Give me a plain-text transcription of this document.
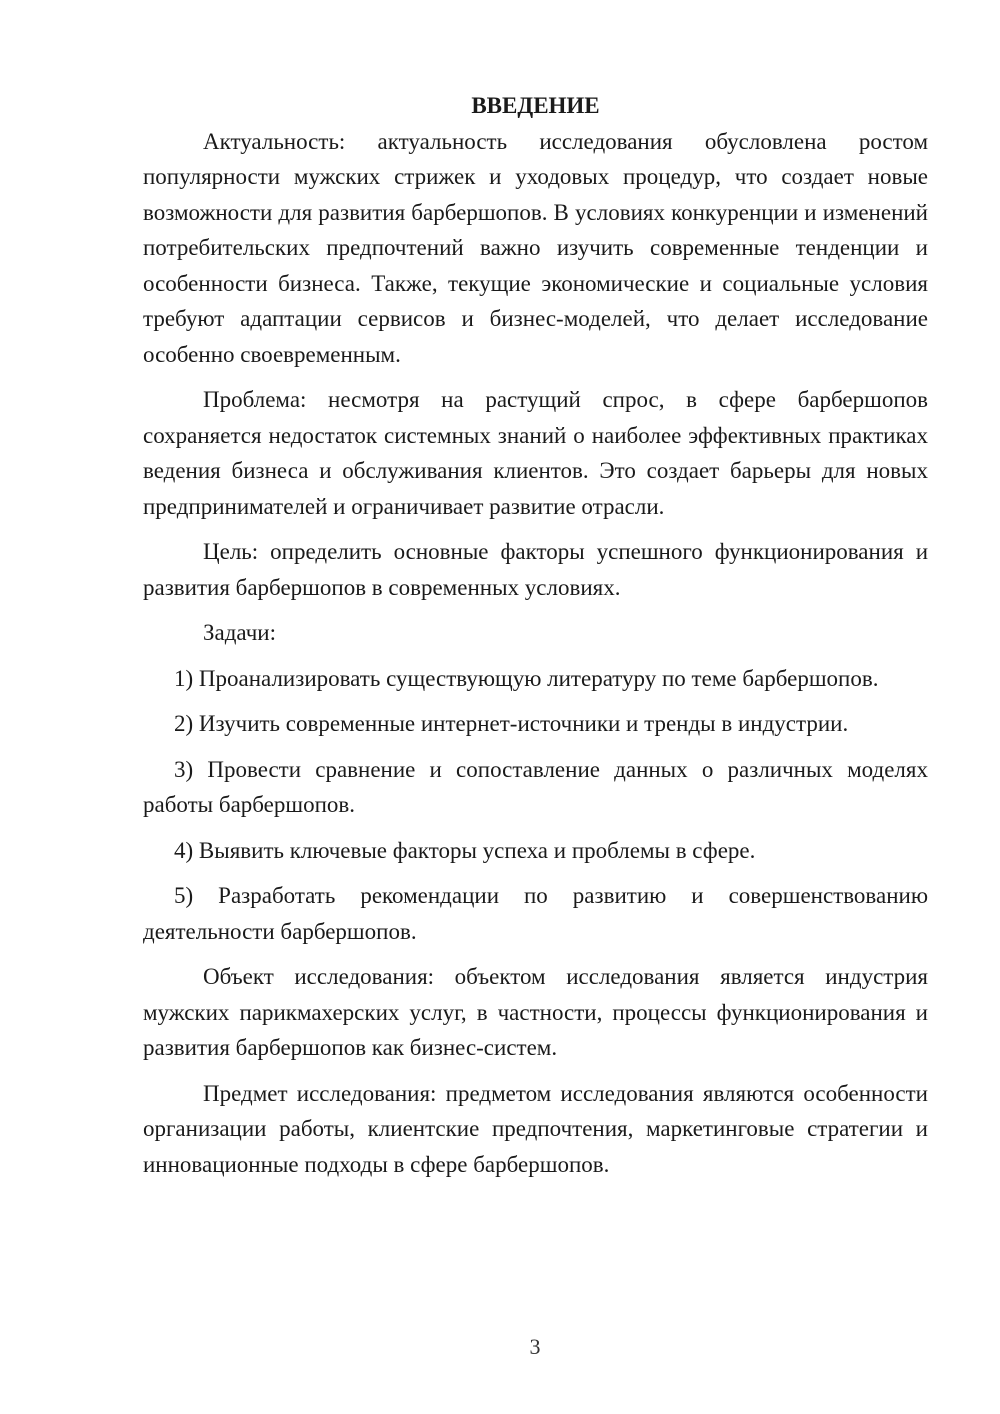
ВВЕДЕНИЕ

Актуальность: актуальность исследования обусловлена ростом популярности мужских стрижек и уходовых процедур, что создает новые возможности для развития барбершопов. В условиях конкуренции и изменений потребительских предпочтений важно изучить современные тенденции и особенности бизнеса. Также, текущие экономические и социальные условия требуют адаптации сервисов и бизнес-моделей, что делает исследование особенно своевременным.

Проблема: несмотря на растущий спрос, в сфере барбершопов сохраняется недостаток системных знаний о наиболее эффективных практиках ведения бизнеса и обслуживания клиентов. Это создает барьеры для новых предпринимателей и ограничивает развитие отрасли.

Цель: определить основные факторы успешного функционирования и развития барбершопов в современных условиях.

Задачи:

1) Проанализировать существующую литературу по теме барбершопов.

2) Изучить современные интернет-источники и тренды в индустрии.

3) Провести сравнение и сопоставление данных о различных моделях работы барбершопов.

4) Выявить ключевые факторы успеха и проблемы в сфере.

5) Разработать рекомендации по развитию и совершенствованию деятельности барбершопов.

Объект исследования: объектом исследования является индустрия мужских парикмахерских услуг, в частности, процессы функционирования и развития барбершопов как бизнес-систем.

Предмет исследования: предметом исследования являются особенности организации работы, клиентские предпочтения, маркетинговые стратегии и инновационные подходы в сфере барбершопов.

3
